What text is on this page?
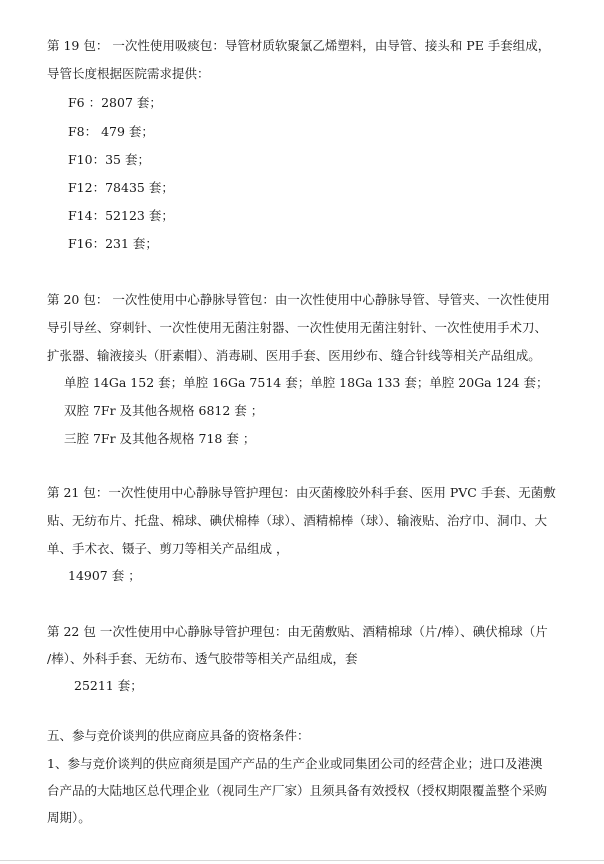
第 19 包： 一次性使用吸痰包：导管材质软聚氯乙烯塑料，由导管、接头和 PE 手套组成，
导管长度根据医院需求提供：
F6 ：2807 套；
F8： 479 套；
F10：35 套；
F12：78435 套；
F14：52123 套；
F16：231 套；
第 20 包： 一次性使用中心静脉导管包：由一次性使用中心静脉导管、导管夹、一次性使用
导引导丝、穿刺针、一次性使用无菌注射器、一次性使用无菌注射针、一次性使用手术刀、
扩张器、输液接头（肝素帽）、消毒刷、医用手套、医用纱布、缝合针线等相关产品组成。
单腔 14Ga 152 套；单腔 16Ga 7514 套；单腔 18Ga 133 套；单腔 20Ga 124 套；
双腔 7Fr 及其他各规格 6812 套 ；
三腔 7Fr 及其他各规格 718 套 ；
第 21 包：一次性使用中心静脉导管护理包：由灭菌橡胶外科手套、医用 PVC 手套、无菌敷
贴、无纺布片、托盘、棉球、碘伏棉棒（球）、酒精棉棒（球）、输液贴、治疗巾、洞巾、大
单、手术衣、镊子、剪刀等相关产品组成 ，
14907 套 ；
第 22 包 一次性使用中心静脉导管护理包：由无菌敷贴、酒精棉球（片/棒）、碘伏棉球（片
/棒）、外科手套、无纺布、透气胶带等相关产品组成，套
25211 套；
五、参与竞价谈判的供应商应具备的资格条件：
1、参与竞价谈判的供应商须是国产产品的生产企业或同集团公司的经营企业；进口及港澳
台产品的大陆地区总代理企业（视同生产厂家）且须具备有效授权（授权期限覆盖整个采购
周期）。
